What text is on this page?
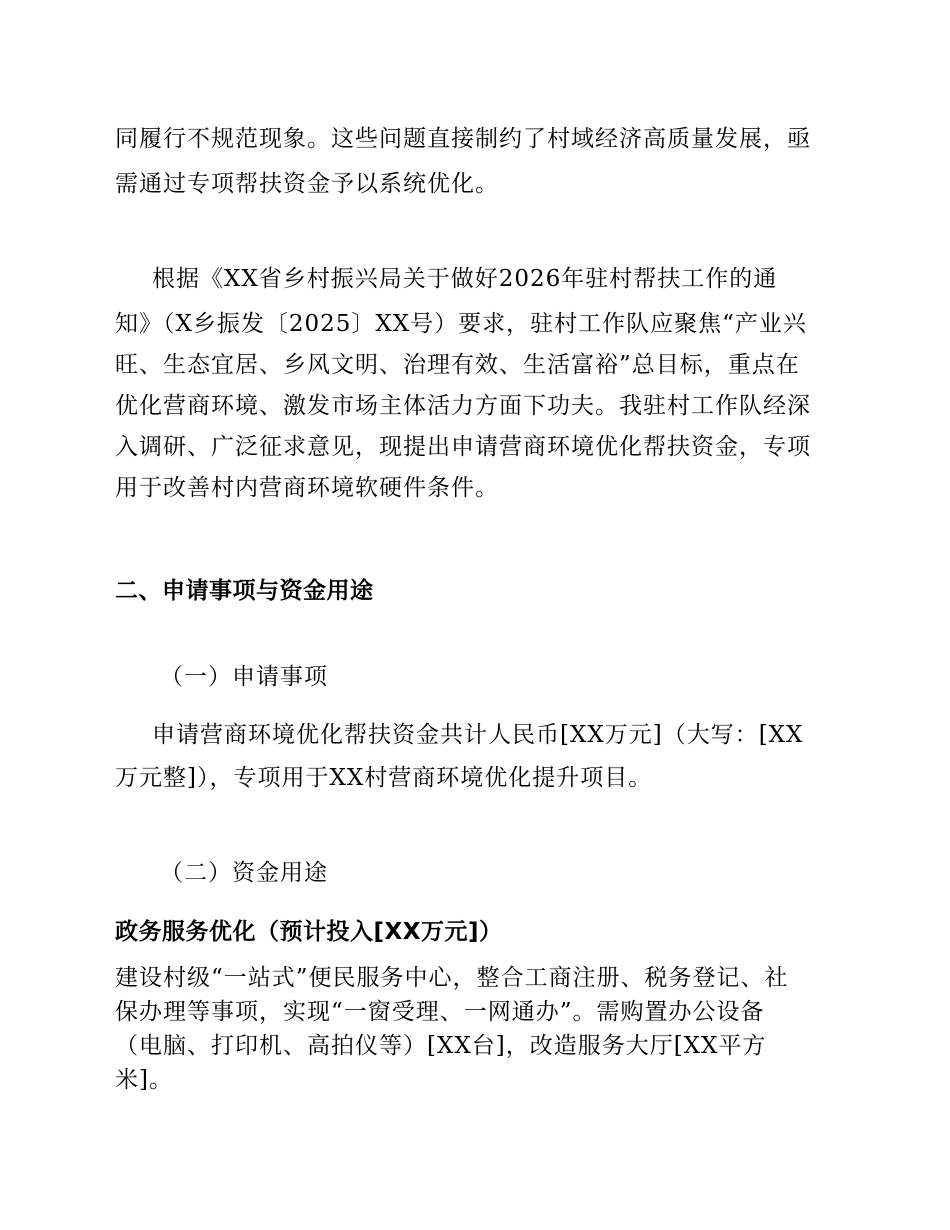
同履行不规范现象。这些问题直接制约了村域经济高质量发展，亟
需通过专项帮扶资金予以系统优化。
根据《XX省乡村振兴局关于做好2026年驻村帮扶工作的通
知》（X乡振发〔2025〕XX号）要求，驻村工作队应聚焦“产业兴
旺、生态宜居、乡风文明、治理有效、生活富裕”总目标，重点在
优化营商环境、激发市场主体活力方面下功夫。我驻村工作队经深
入调研、广泛征求意见，现提出申请营商环境优化帮扶资金，专项
用于改善村内营商环境软硬件条件。
二、申请事项与资金用途
（一）申请事项
申请营商环境优化帮扶资金共计人民币[XX万元]（大写：[XX
万元整]），专项用于XX村营商环境优化提升项目。
（二）资金用途
政务服务优化（预计投入[XX万元]）
建设村级“一站式”便民服务中心，整合工商注册、税务登记、社
保办理等事项，实现“一窗受理、一网通办”。需购置办公设备
（电脑、打印机、高拍仪等）[XX台]，改造服务大厅[XX平方
米]。
